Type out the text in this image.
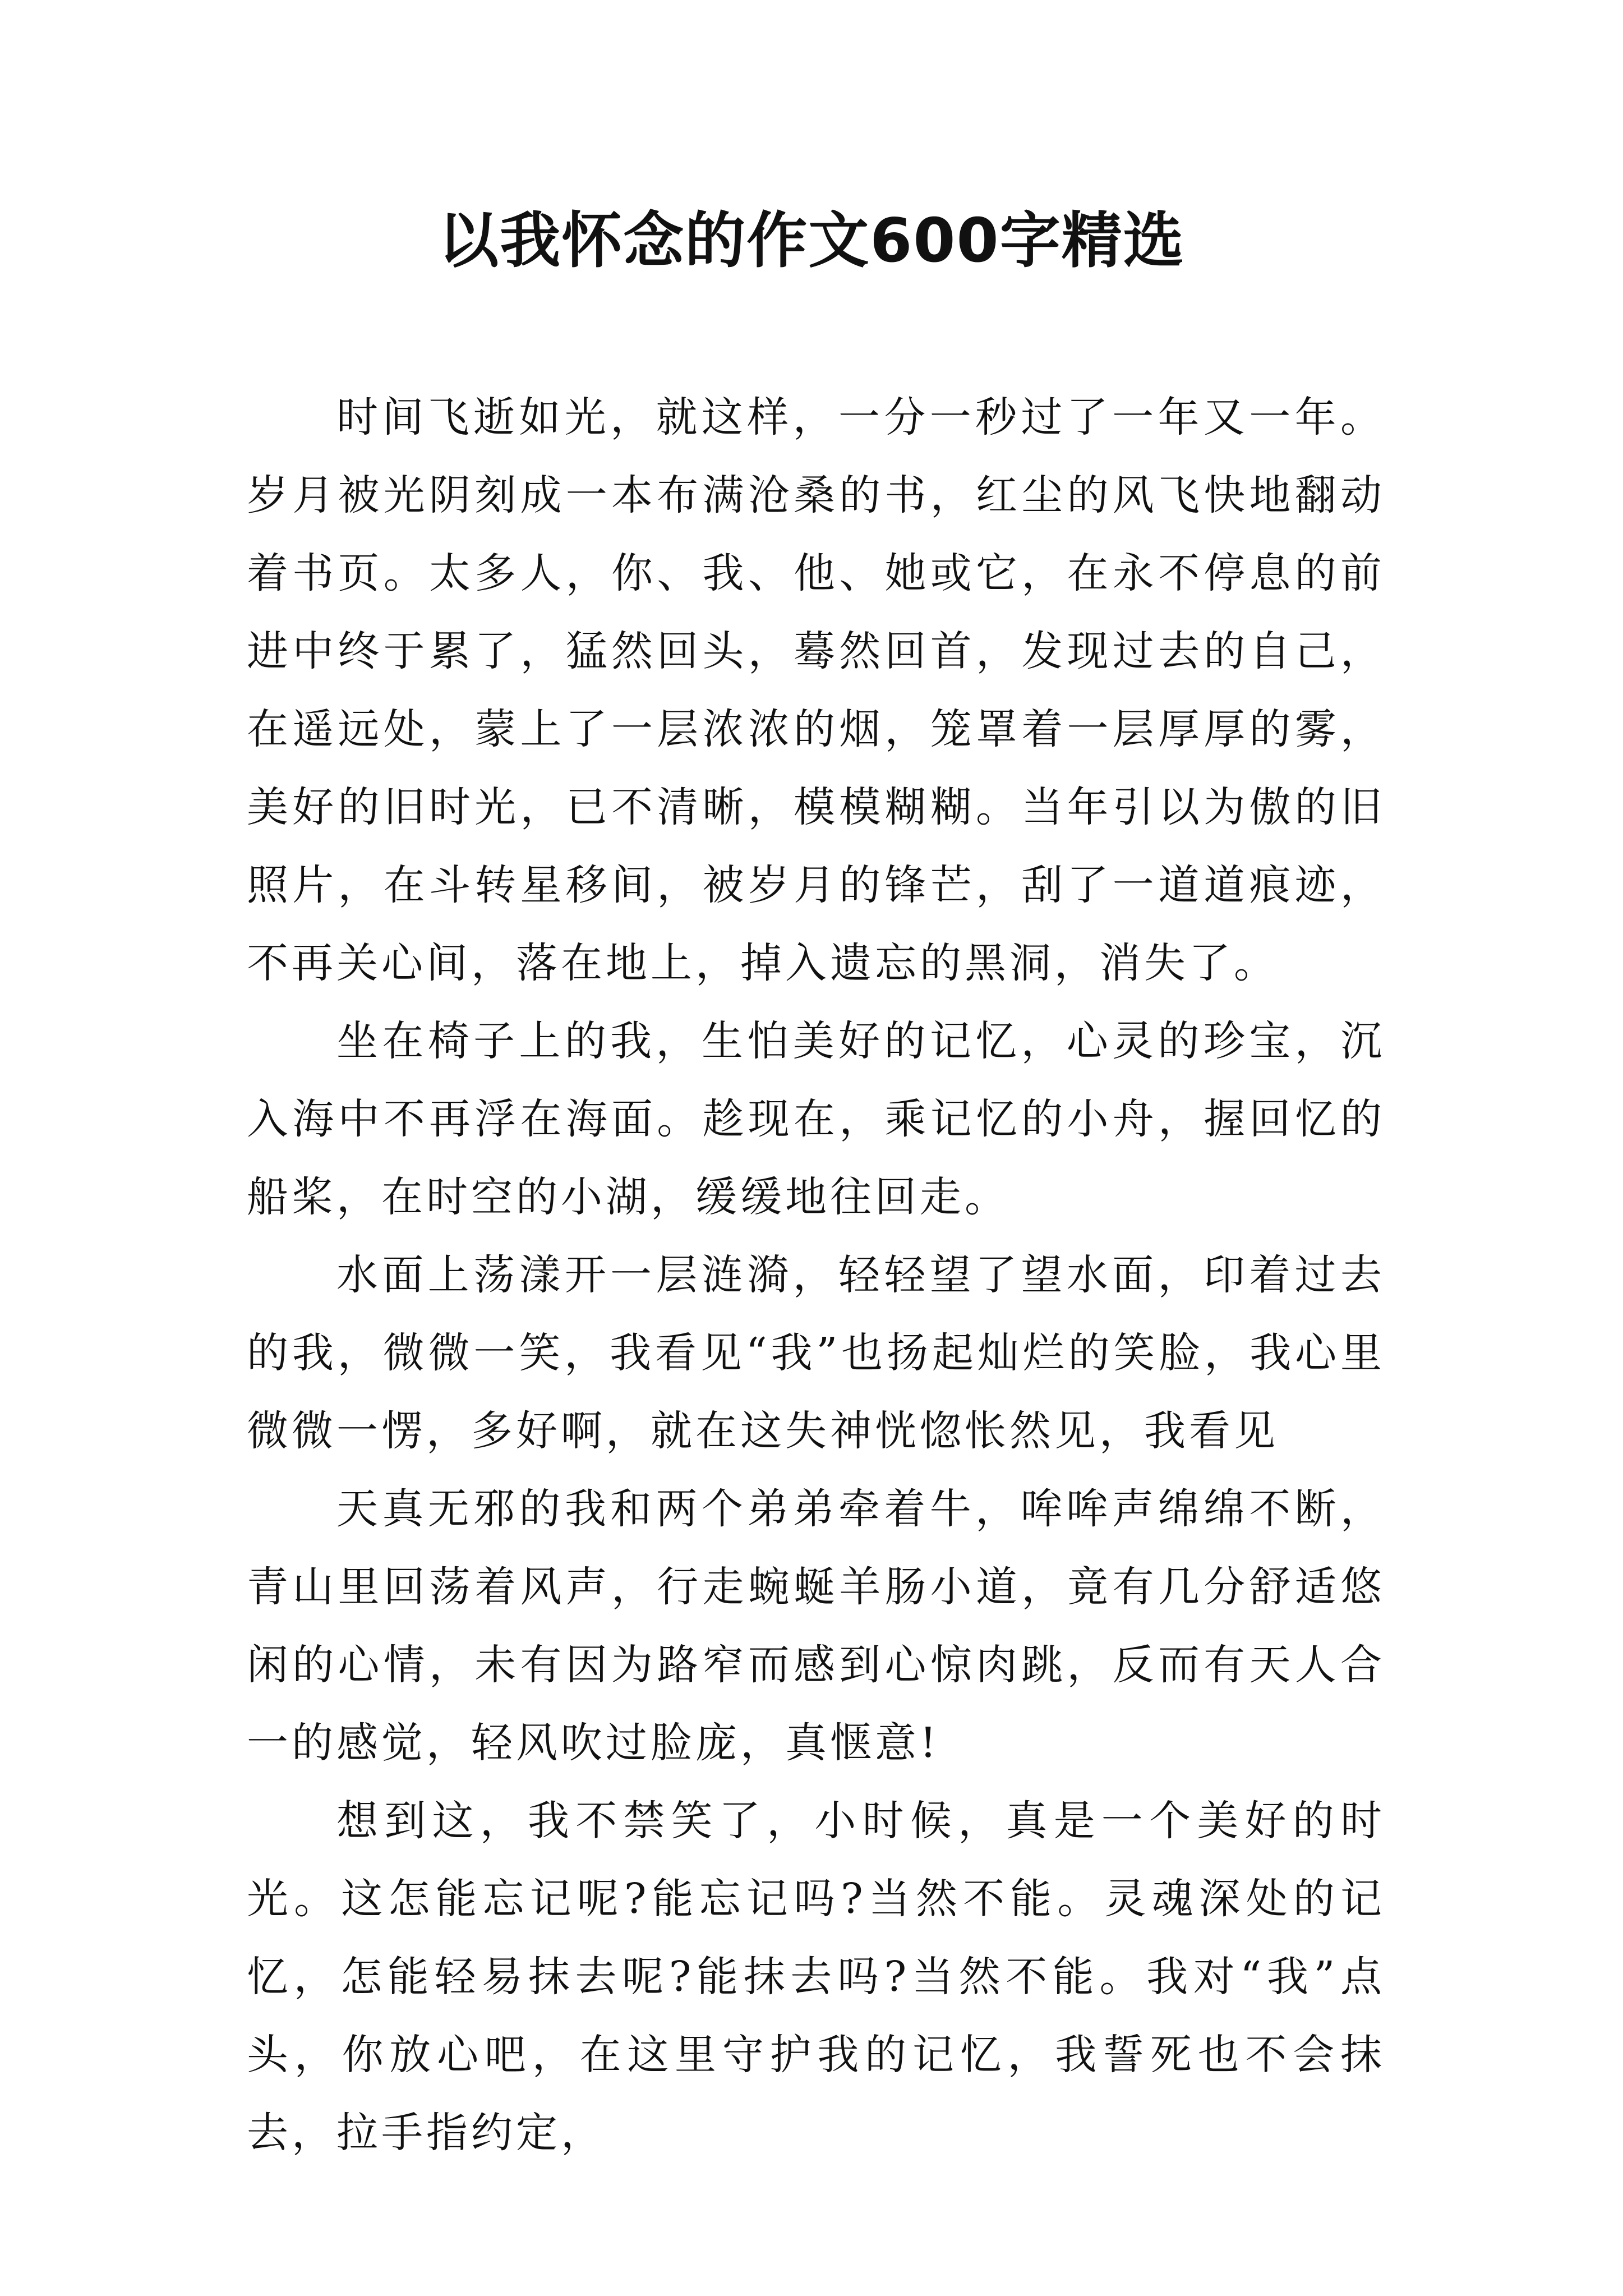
以我怀念的作文600字精选

时间飞逝如光，就这样，一分一秒过了一年又一年。岁月被光阴刻成一本布满沧桑的书，红尘的风飞快地翻动着书页。太多人，你、我、他、她或它，在永不停息的前进中终于累了，猛然回头，蓦然回首，发现过去的自己，在遥远处，蒙上了一层浓浓的烟，笼罩着一层厚厚的雾，美好的旧时光，已不清晰，模模糊糊。当年引以为傲的旧照片，在斗转星移间，被岁月的锋芒，刮了一道道痕迹，不再关心间，落在地上，掉入遗忘的黑洞，消失了。

坐在椅子上的我，生怕美好的记忆，心灵的珍宝，沉入海中不再浮在海面。趁现在，乘记忆的小舟，握回忆的船桨，在时空的小湖，缓缓地往回走。

水面上荡漾开一层涟漪，轻轻望了望水面，印着过去的我，微微一笑，我看见“我”也扬起灿烂的笑脸，我心里微微一愣，多好啊，就在这失神恍惚怅然见，我看见

天真无邪的我和两个弟弟牵着牛，哞哞声绵绵不断，青山里回荡着风声，行走蜿蜒羊肠小道，竟有几分舒适悠闲的心情，未有因为路窄而感到心惊肉跳，反而有天人合一的感觉，轻风吹过脸庞，真惬意!

想到这，我不禁笑了，小时候，真是一个美好的时光。这怎能忘记呢?能忘记吗?当然不能。灵魂深处的记忆，怎能轻易抹去呢?能抹去吗?当然不能。我对“我”点头，你放心吧，在这里守护我的记忆，我誓死也不会抹去，拉手指约定，
